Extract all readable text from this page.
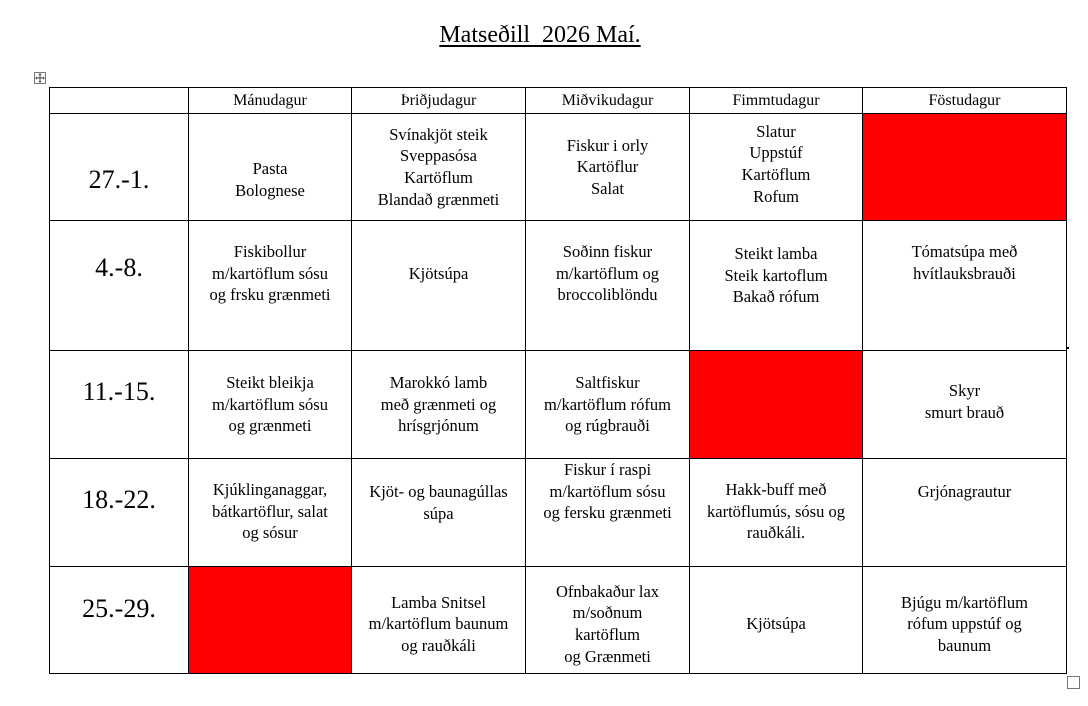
Matseðill  2026 Maí.
	Mánudagur	Þriðjudagur	Miðvikudagur	Fimmtudagur	Föstudagur

27.-1.	Pasta
Bolognese	Svínakjöt steik
Sveppasósa
Kartöflum
Blandað grænmeti	Fiskur i orly
Kartöflur
Salat	Slatur
Uppstúf
Kartöflum
Rofum	

4.-8.	Fiskibollur
m/kartöflum sósu
og frsku grænmeti	Kjötsúpa	Soðinn fiskur
m/kartöflum og
broccoliblöndu	Steikt lamba
Steik kartoflum
Bakað rófum	Tómatsúpa með
hvítlauksbrauði

11.-15.	Steikt bleikja
m/kartöflum sósu
og grænmeti	Marokkó lamb
með grænmeti og
hrísgrjónum	Saltfiskur
m/kartöflum rófum
og rúgbrauði		Skyr
smurt brauð

18.-22.	Kjúklinganaggar,
bátkartöflur, salat
og sósur	Kjöt- og baunagúllas
súpa	Fiskur í raspi
m/kartöflum sósu
og fersku grænmeti	Hakk-buff með
kartöflumús, sósu og
rauðkáli.	Grjónagrautur

25.-29.		Lamba Snitsel
m/kartöflum baunum
og rauðkáli	Ofnbakaður lax
m/soðnum
kartöflum
og Grænmeti	Kjötsúpa	Bjúgu m/kartöflum
rófum uppstúf og
baunum
